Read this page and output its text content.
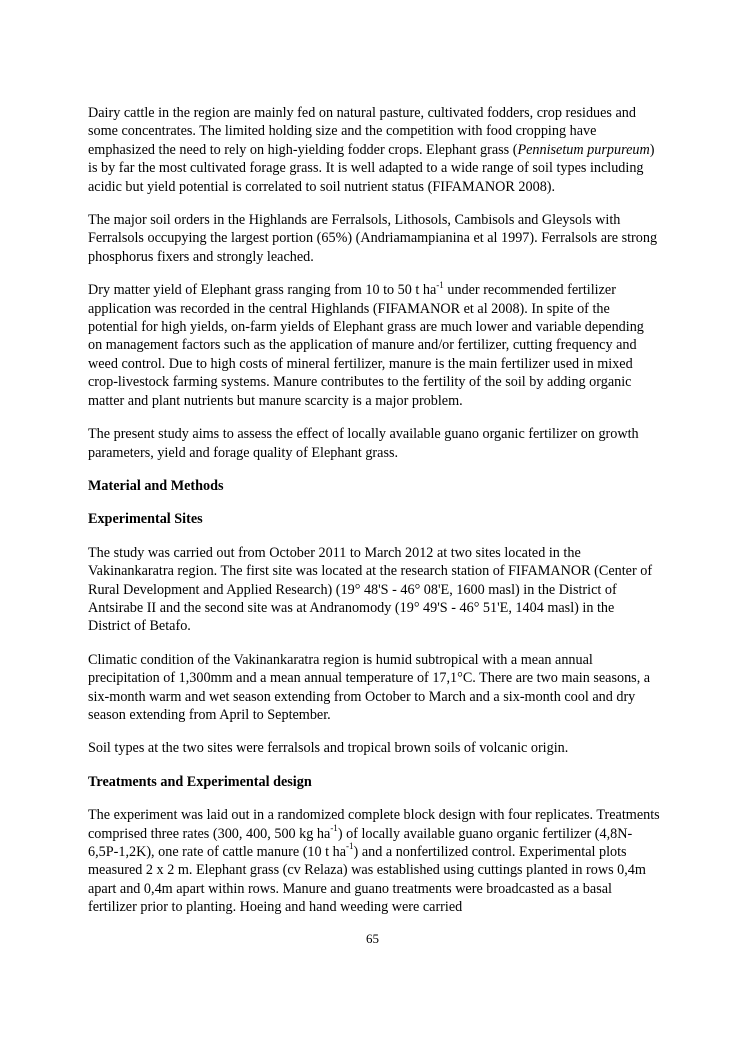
Dairy cattle in the region are mainly fed on natural pasture, cultivated fodders, crop residues and some concentrates. The limited holding size and the competition with food cropping have emphasized the need to rely on high-yielding fodder crops. Elephant grass (Pennisetum purpureum) is by far the most cultivated forage grass. It is well adapted to a wide range of soil types including acidic but yield potential is correlated to soil nutrient status (FIFAMANOR 2008).

The major soil orders in the Highlands are Ferralsols, Lithosols, Cambisols and Gleysols with Ferralsols occupying the largest portion (65%) (Andriamampianina et al 1997). Ferralsols are strong phosphorus fixers and strongly leached.

Dry matter yield of Elephant grass ranging from 10 to 50 t $ha^{-1}$ under recommended fertilizer application was recorded in the central Highlands (FIFAMANOR et al 2008). In spite of the potential for high yields, on-farm yields of Elephant grass are much lower and variable depending on management factors such as the application of manure and/or fertilizer, cutting frequency and weed control. Due to high costs of mineral fertilizer, manure is the main fertilizer used in mixed crop-livestock farming systems. Manure contributes to the fertility of the soil by adding organic matter and plant nutrients but manure scarcity is a major problem.

The present study aims to assess the effect of locally available guano organic fertilizer on growth parameters, yield and forage quality of Elephant grass.

Material and Methods
Experimental Sites

The study was carried out from October 2011 to March 2012 at two sites located in the Vakinankaratra region. The first site was located at the research station of FIFAMANOR (Center of Rural Development and Applied Research) (19° 48'S - 46° 08'E, 1600 masl) in the District of Antsirabe II and the second site was at Andranomody (19° 49'S - 46° 51'E, 1404 masl) in the District of Betafo.

Climatic condition of the Vakinankaratra region is humid subtropical with a mean annual precipitation of 1,300mm and a mean annual temperature of 17,1°C. There are two main seasons, a six-month warm and wet season extending from October to March and a six-month cool and dry season extending from April to September.

Soil types at the two sites were ferralsols and tropical brown soils of volcanic origin.

Treatments and Experimental design

The experiment was laid out in a randomized complete block design with four replicates. Treatments comprised three rates (300, 400, 500 kg $ha^{-1}$) of locally available guano organic fertilizer (4,8N-6,5P-1,2K), one rate of cattle manure (10 t $ha^{-1}$) and a nonfertilized control. Experimental plots measured 2 x 2 m. Elephant grass (cv Relaza) was established using cuttings planted in rows 0,4m apart and 0,4m apart within rows. Manure and guano treatments were broadcasted as a basal fertilizer prior to planting. Hoeing and hand weeding were carried

65
